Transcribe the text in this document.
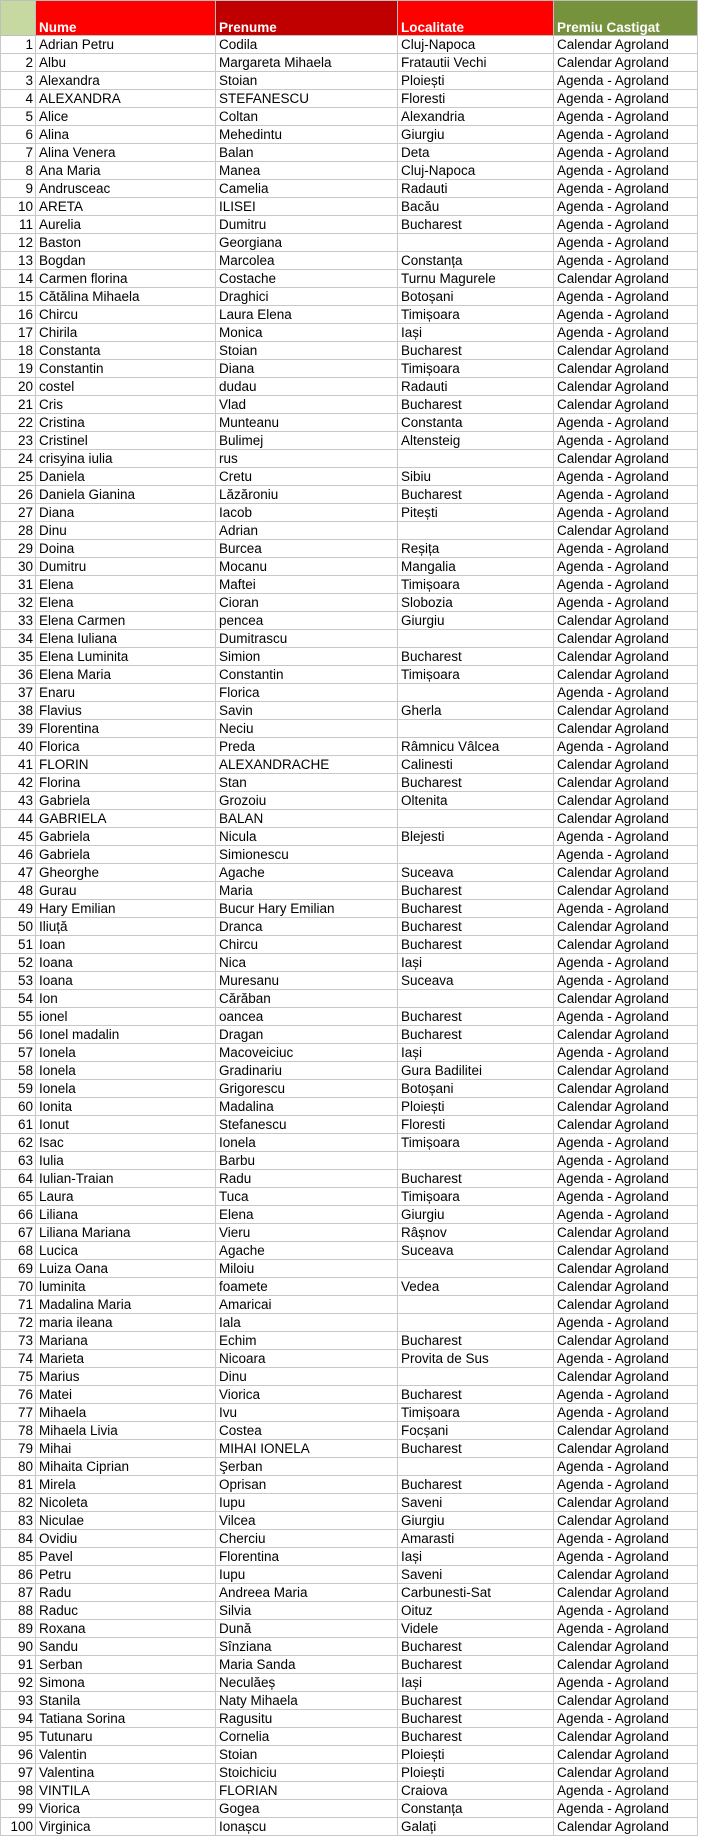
	Nume	Prenume	Localitate	Premiu Castigat
1	Adrian Petru	Codila	Cluj-Napoca	Calendar Agroland
2	Albu	Margareta Mihaela	Fratautii Vechi	Calendar Agroland
3	Alexandra	Stoian	Ploiești	Agenda - Agroland
4	ALEXANDRA	STEFANESCU	Floresti	Agenda - Agroland
5	Alice	Coltan	Alexandria	Agenda - Agroland
6	Alina	Mehedintu	Giurgiu	Agenda - Agroland
7	Alina Venera	Balan	Deta	Agenda - Agroland
8	Ana Maria	Manea	Cluj-Napoca	Agenda - Agroland
9	Andrusceac	Camelia	Radauti	Agenda - Agroland
10	ARETA	ILISEI	Bacău	Agenda - Agroland
11	Aurelia	Dumitru	Bucharest	Agenda - Agroland
12	Baston	Georgiana		Agenda - Agroland
13	Bogdan	Marcolea	Constanța	Agenda - Agroland
14	Carmen florina	Costache	Turnu Magurele	Calendar Agroland
15	Cătălina Mihaela	Draghici	Botoșani	Agenda - Agroland
16	Chircu	Laura Elena	Timișoara	Agenda - Agroland
17	Chirila	Monica	Iași	Agenda - Agroland
18	Constanta	Stoian	Bucharest	Calendar Agroland
19	Constantin	Diana	Timișoara	Calendar Agroland
20	costel	dudau	Radauti	Calendar Agroland
21	Cris	Vlad	Bucharest	Calendar Agroland
22	Cristina	Munteanu	Constanta	Agenda - Agroland
23	Cristinel	Bulimej	Altensteig	Agenda - Agroland
24	crisyina iulia	rus		Calendar Agroland
25	Daniela	Cretu	Sibiu	Agenda - Agroland
26	Daniela Gianina	Lăzăroniu	Bucharest	Agenda - Agroland
27	Diana	Iacob	Pitești	Agenda - Agroland
28	Dinu	Adrian		Calendar Agroland
29	Doina	Burcea	Reșița	Agenda - Agroland
30	Dumitru	Mocanu	Mangalia	Agenda - Agroland
31	Elena	Maftei	Timișoara	Agenda - Agroland
32	Elena	Cioran	Slobozia	Agenda - Agroland
33	Elena Carmen	pencea	Giurgiu	Calendar Agroland
34	Elena Iuliana	Dumitrascu		Calendar Agroland
35	Elena Luminita	Simion	Bucharest	Calendar Agroland
36	Elena Maria	Constantin	Timișoara	Calendar Agroland
37	Enaru	Florica		Agenda - Agroland
38	Flavius	Savin	Gherla	Calendar Agroland
39	Florentina	Neciu		Calendar Agroland
40	Florica	Preda	Râmnicu Vâlcea	Agenda - Agroland
41	FLORIN	ALEXANDRACHE	Calinesti	Calendar Agroland
42	Florina	Stan	Bucharest	Calendar Agroland
43	Gabriela	Grozoiu	Oltenita	Calendar Agroland
44	GABRIELA	BALAN		Calendar Agroland
45	Gabriela	Nicula	Blejesti	Agenda - Agroland
46	Gabriela	Simionescu		Agenda - Agroland
47	Gheorghe	Agache	Suceava	Calendar Agroland
48	Gurau	Maria	Bucharest	Calendar Agroland
49	Hary Emilian	Bucur Hary Emilian	Bucharest	Agenda - Agroland
50	Iliuță	Dranca	Bucharest	Calendar Agroland
51	Ioan	Chircu	Bucharest	Calendar Agroland
52	Ioana	Nica	Iași	Agenda - Agroland
53	Ioana	Muresanu	Suceava	Agenda - Agroland
54	Ion	Cărăban		Calendar Agroland
55	ionel	oancea	Bucharest	Agenda - Agroland
56	Ionel madalin	Dragan	Bucharest	Calendar Agroland
57	Ionela	Macoveiciuc	Iași	Agenda - Agroland
58	Ionela	Gradinariu	Gura Badilitei	Calendar Agroland
59	Ionela	Grigorescu	Botoșani	Calendar Agroland
60	Ionita	Madalina	Ploiești	Calendar Agroland
61	Ionut	Stefanescu	Floresti	Calendar Agroland
62	Isac	Ionela	Timișoara	Agenda - Agroland
63	Iulia	Barbu		Agenda - Agroland
64	Iulian-Traian	Radu	Bucharest	Agenda - Agroland
65	Laura	Tuca	Timișoara	Agenda - Agroland
66	Liliana	Elena	Giurgiu	Agenda - Agroland
67	Liliana Mariana	Vieru	Râșnov	Calendar Agroland
68	Lucica	Agache	Suceava	Calendar Agroland
69	Luiza Oana	Miloiu		Calendar Agroland
70	luminita	foamete	Vedea	Calendar Agroland
71	Madalina Maria	Amaricai		Calendar Agroland
72	maria ileana	Iala		Agenda - Agroland
73	Mariana	Echim	Bucharest	Calendar Agroland
74	Marieta	Nicoara	Provita de Sus	Agenda - Agroland
75	Marius	Dinu		Calendar Agroland
76	Matei	Viorica	Bucharest	Agenda - Agroland
77	Mihaela	Ivu	Timișoara	Agenda - Agroland
78	Mihaela Livia	Costea	Focșani	Calendar Agroland
79	Mihai	MIHAI IONELA	Bucharest	Calendar Agroland
80	Mihaita Ciprian	Şerban		Agenda - Agroland
81	Mirela	Oprisan	Bucharest	Agenda - Agroland
82	Nicoleta	Iupu	Saveni	Calendar Agroland
83	Niculae	Vilcea	Giurgiu	Calendar Agroland
84	Ovidiu	Cherciu	Amarasti	Agenda - Agroland
85	Pavel	Florentina	Iași	Agenda - Agroland
86	Petru	Iupu	Saveni	Calendar Agroland
87	Radu	Andreea Maria	Carbunesti-Sat	Calendar Agroland
88	Raduc	Silvia	Oituz	Agenda - Agroland
89	Roxana	Dună	Videle	Agenda - Agroland
90	Sandu	Sînziana	Bucharest	Calendar Agroland
91	Serban	Maria Sanda	Bucharest	Calendar Agroland
92	Simona	Neculăeș	Iași	Agenda - Agroland
93	Stanila	Naty Mihaela	Bucharest	Calendar Agroland
94	Tatiana Sorina	Ragusitu	Bucharest	Agenda - Agroland
95	Tutunaru	Cornelia	Bucharest	Calendar Agroland
96	Valentin	Stoian	Ploiești	Calendar Agroland
97	Valentina	Stoichiciu	Ploiești	Calendar Agroland
98	VINTILA	FLORIAN	Craiova	Agenda - Agroland
99	Viorica	Gogea	Constanța	Agenda - Agroland
100	Virginica	Ionașcu	Galați	Calendar Agroland
